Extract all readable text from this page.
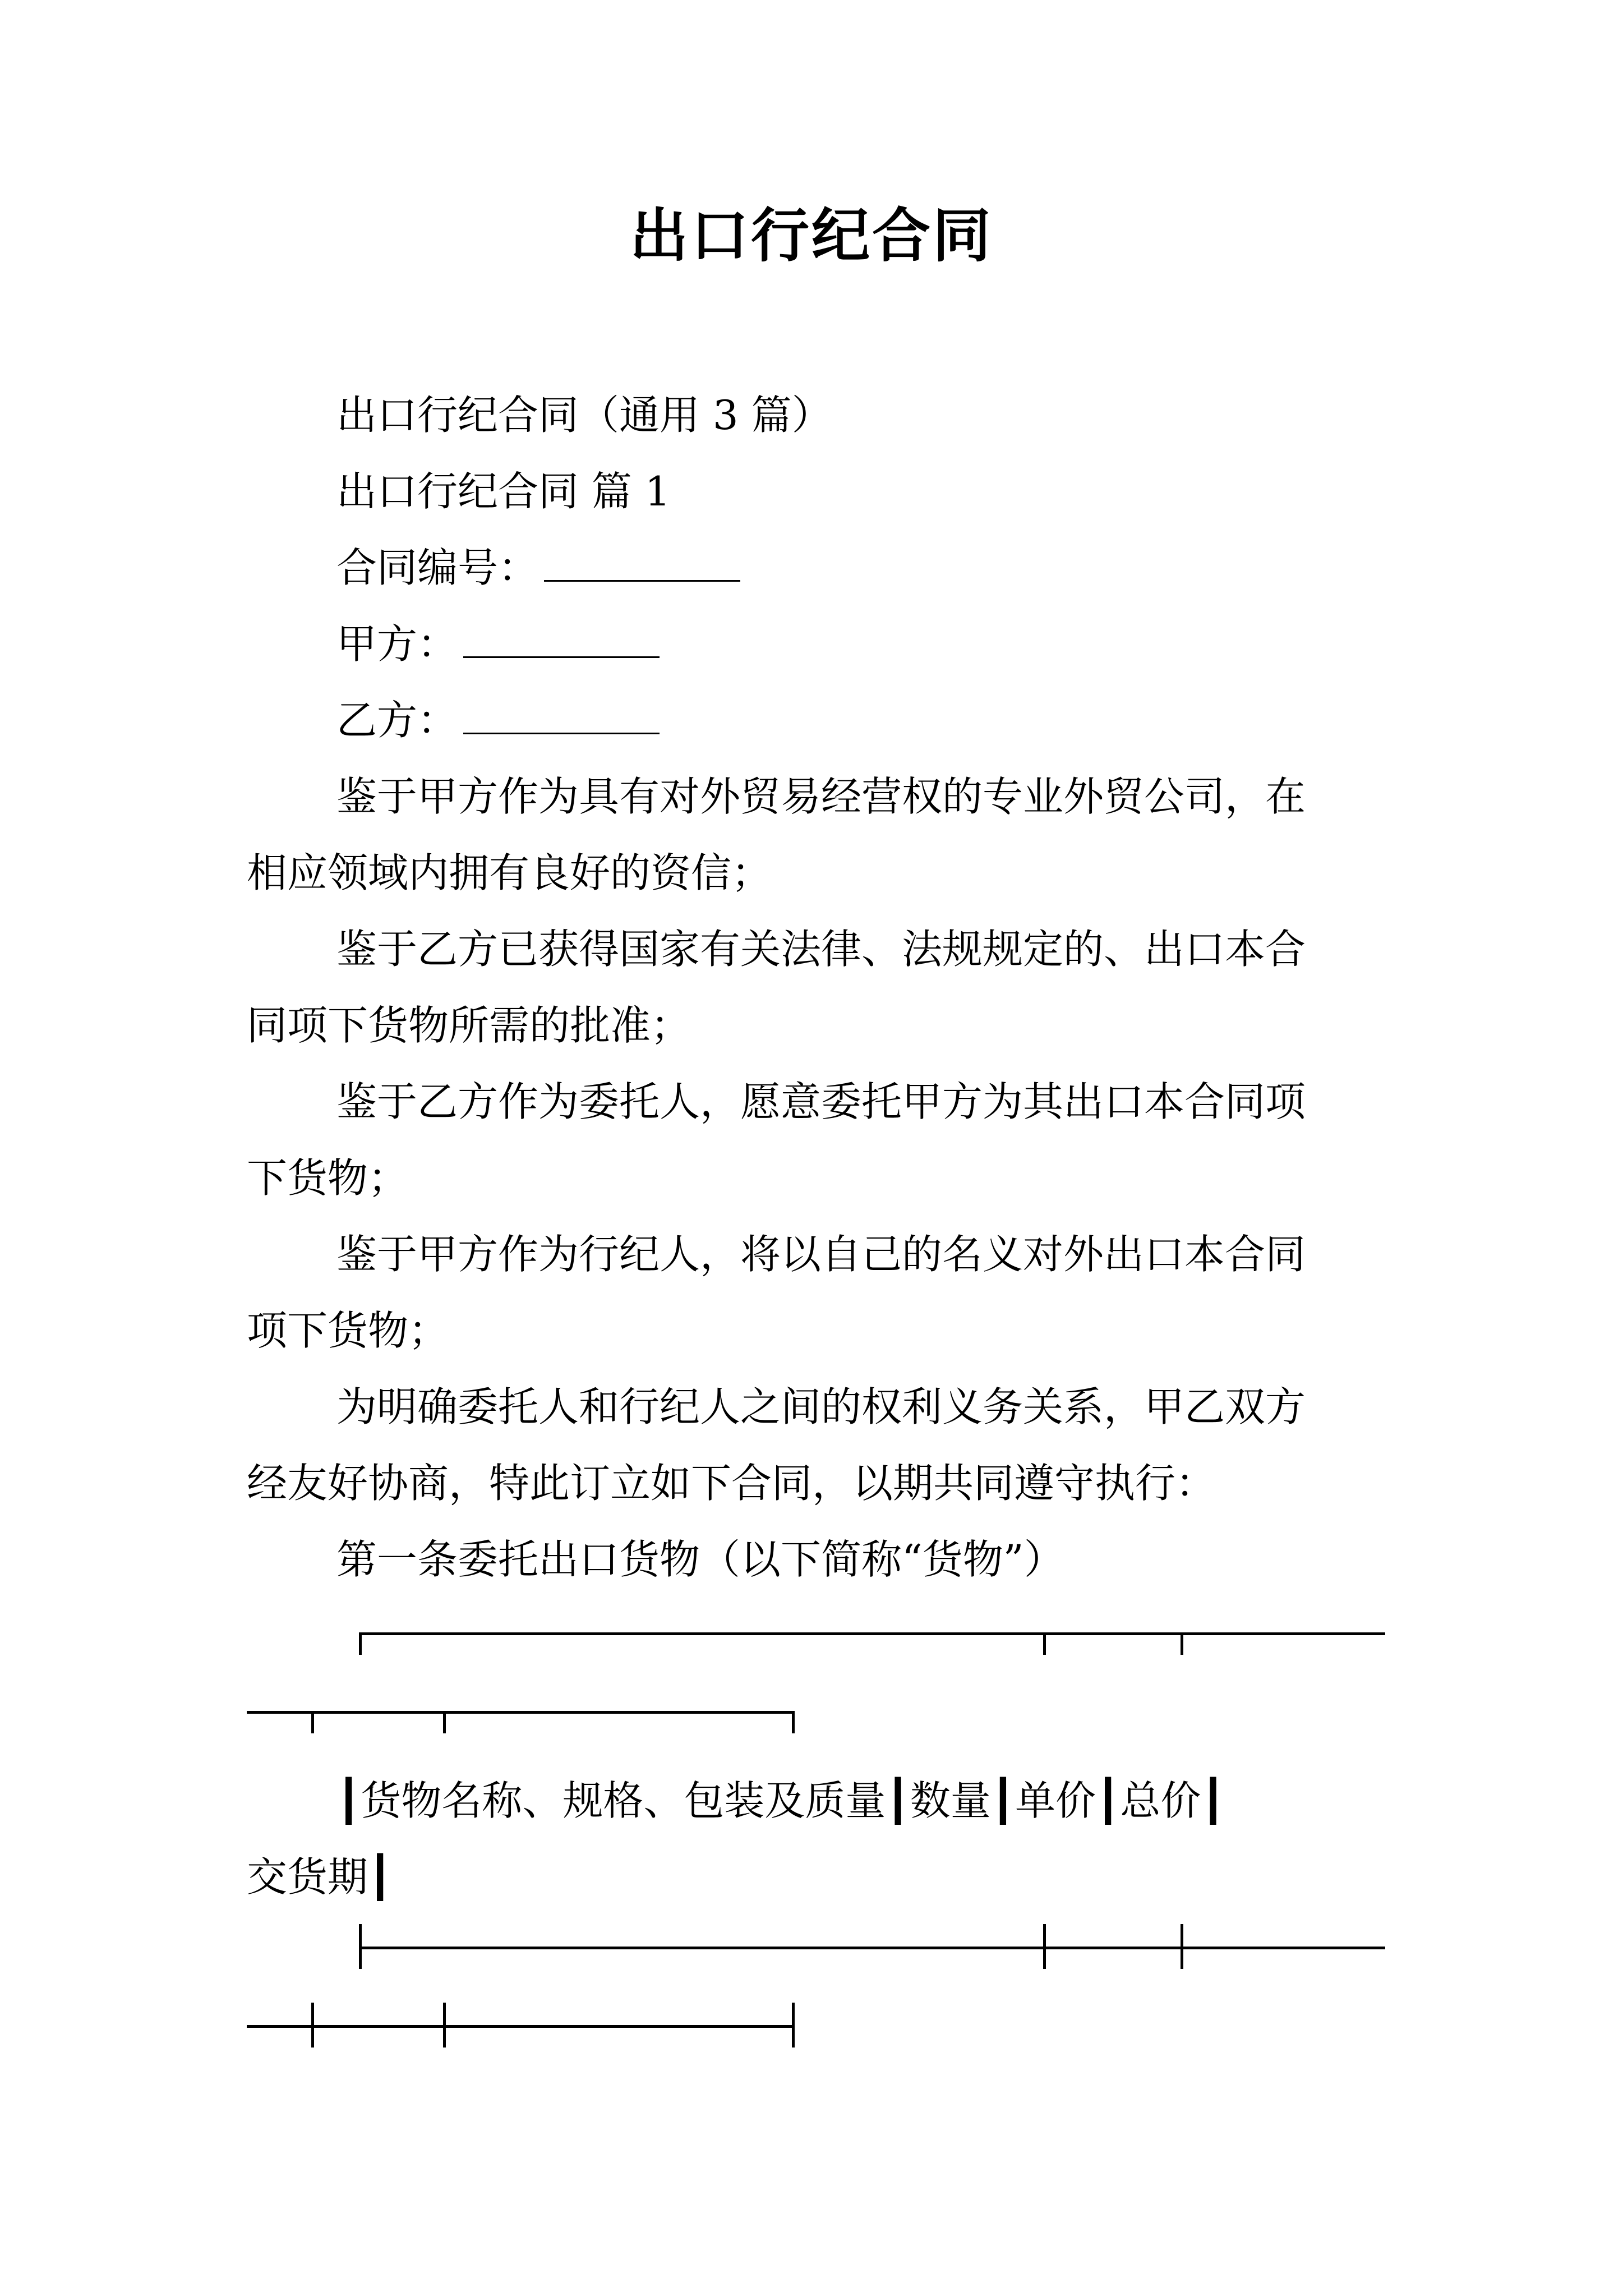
出口行纪合同
出口行纪合同（通用 3 篇）
出口行纪合同 篇 1
合同编号：
甲方：
乙方：
鉴于甲方作为具有对外贸易经营权的专业外贸公司，在
相应领域内拥有良好的资信；
鉴于乙方已获得国家有关法律、法规规定的、出口本合
同项下货物所需的批准；
鉴于乙方作为委托人，愿意委托甲方为其出口本合同项
下货物；
鉴于甲方作为行纪人，将以自己的名义对外出口本合同
项下货物；
为明确委托人和行纪人之间的权利义务关系，甲乙双方
经友好协商，特此订立如下合同，以期共同遵守执行：
第一条委托出口货物（以下简称“货物”）
┃货物名称、规格、包装及质量┃数量┃单价┃总价┃
交货期┃
